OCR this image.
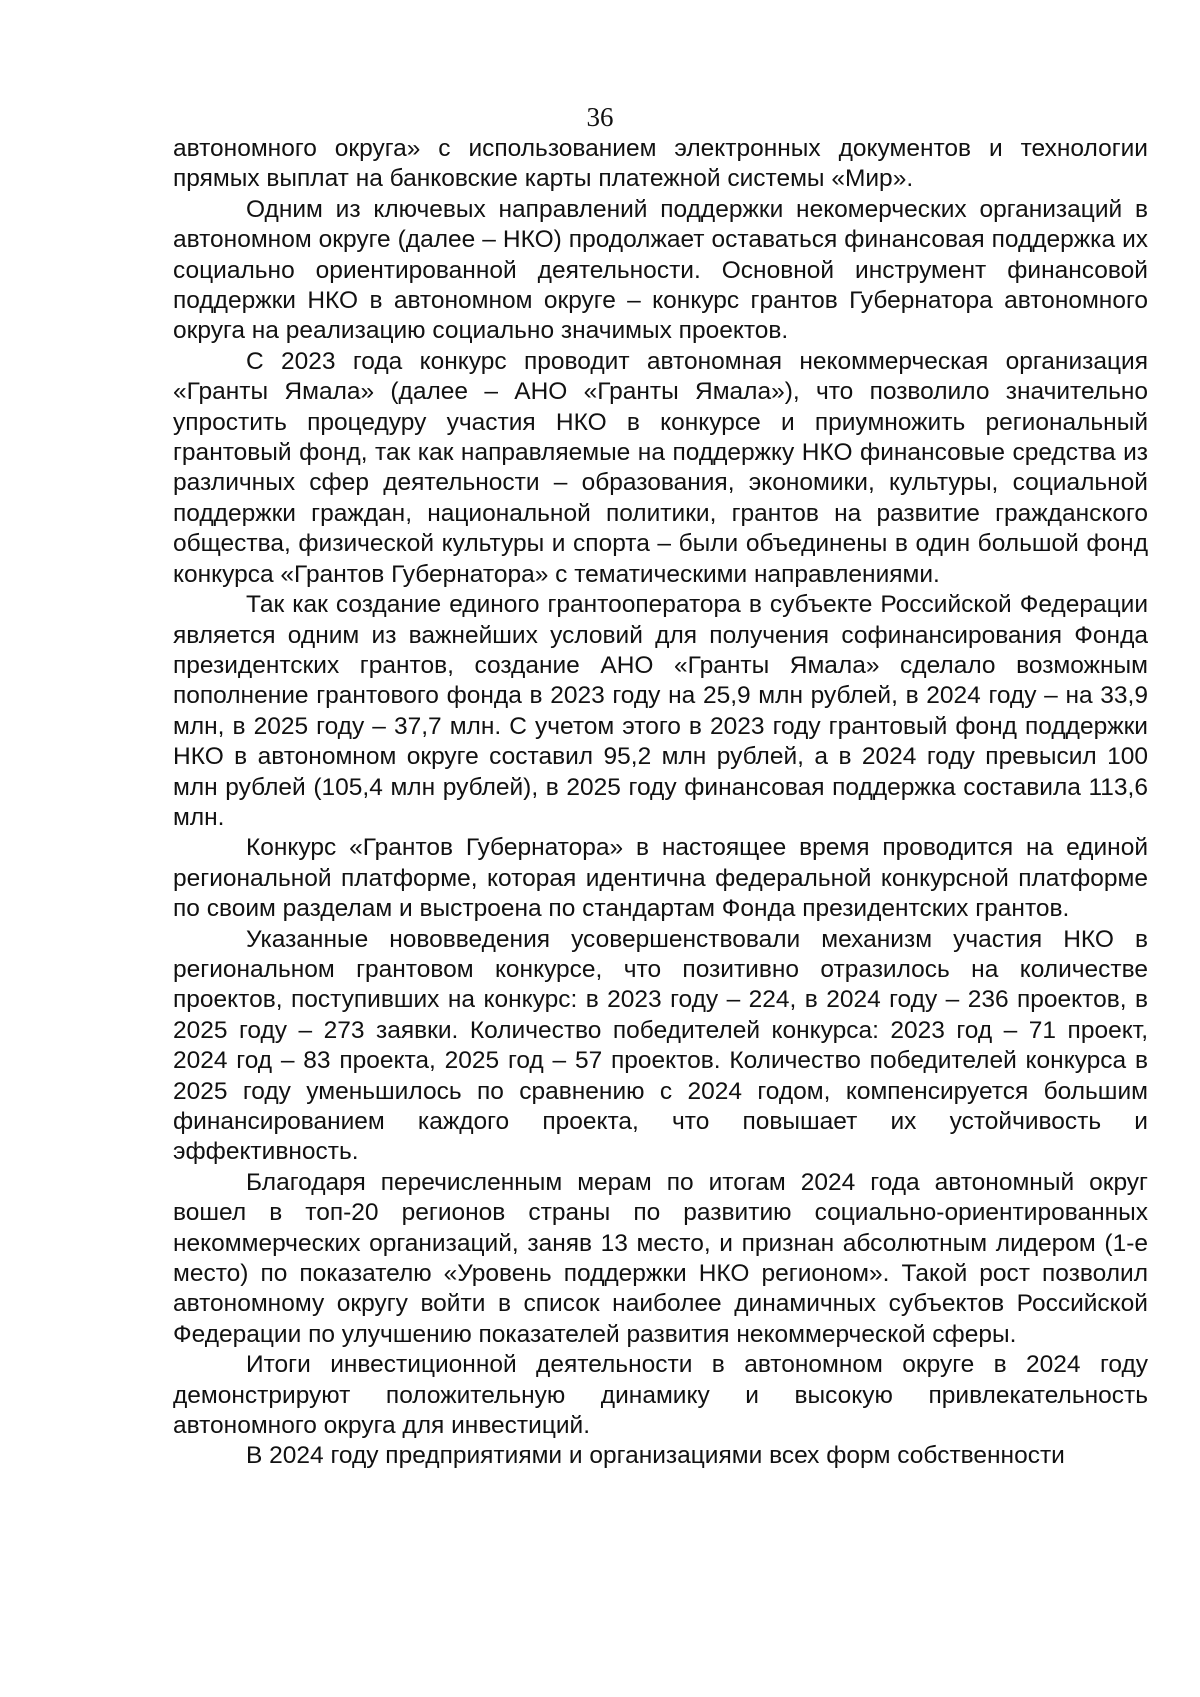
36

автономного округа» с использованием электронных документов и технологии прямых выплат на банковские карты платежной системы «Мир».

Одним из ключевых направлений поддержки некомерческих организаций в автономном округе (далее – НКО) продолжает оставаться финансовая поддержка их социально ориентированной деятельности. Основной инструмент финансовой поддержки НКО в автономном округе – конкурс грантов Губернатора автономного округа на реализацию социально значимых проектов.

С 2023 года конкурс проводит автономная некоммерческая организация «Гранты Ямала» (далее – АНО «Гранты Ямала»), что позволило значительно упростить процедуру участия НКО в конкурсе и приумножить региональный грантовый фонд, так как направляемые на поддержку НКО финансовые средства из различных сфер деятельности – образования, экономики, культуры, социальной поддержки граждан, национальной политики, грантов на развитие гражданского общества, физической культуры и спорта – были объединены в один большой фонд конкурса «Грантов Губернатора» с тематическими направлениями.

Так как создание единого грантооператора в субъекте Российской Федерации является одним из важнейших условий для получения софинансирования Фонда президентских грантов, создание АНО «Гранты Ямала» сделало возможным пополнение грантового фонда в 2023 году на 25,9 млн рублей, в 2024 году – на 33,9 млн, в 2025 году – 37,7 млн. С учетом этого в 2023 году грантовый фонд поддержки НКО в автономном округе составил 95,2 млн рублей, а в 2024 году превысил 100 млн рублей (105,4 млн рублей), в 2025 году финансовая поддержка составила 113,6 млн.

Конкурс «Грантов Губернатора» в настоящее время проводится на единой региональной платформе, которая идентична федеральной конкурсной платформе по своим разделам и выстроена по стандартам Фонда президентских грантов.

Указанные нововведения усовершенствовали механизм участия НКО в региональном грантовом конкурсе, что позитивно отразилось на количестве проектов, поступивших на конкурс: в 2023 году – 224, в 2024 году – 236 проектов, в 2025 году – 273 заявки. Количество победителей конкурса: 2023 год – 71 проект, 2024 год – 83 проекта, 2025 год – 57 проектов. Количество победителей конкурса в 2025 году уменьшилось по сравнению с 2024 годом, компенсируется большим финансированием каждого проекта, что повышает их устойчивость и эффективность.

Благодаря перечисленным мерам по итогам 2024 года автономный округ вошел в топ-20 регионов страны по развитию социально-ориентированных некоммерческих организаций, заняв 13 место, и признан абсолютным лидером (1-е место) по показателю «Уровень поддержки НКО регионом». Такой рост позволил автономному округу войти в список наиболее динамичных субъектов Российской Федерации по улучшению показателей развития некоммерческой сферы.

Итоги инвестиционной деятельности в автономном округе в 2024 году демонстрируют положительную динамику и высокую привлекательность автономного округа для инвестиций.

В 2024 году предприятиями и организациями всех форм собственности
